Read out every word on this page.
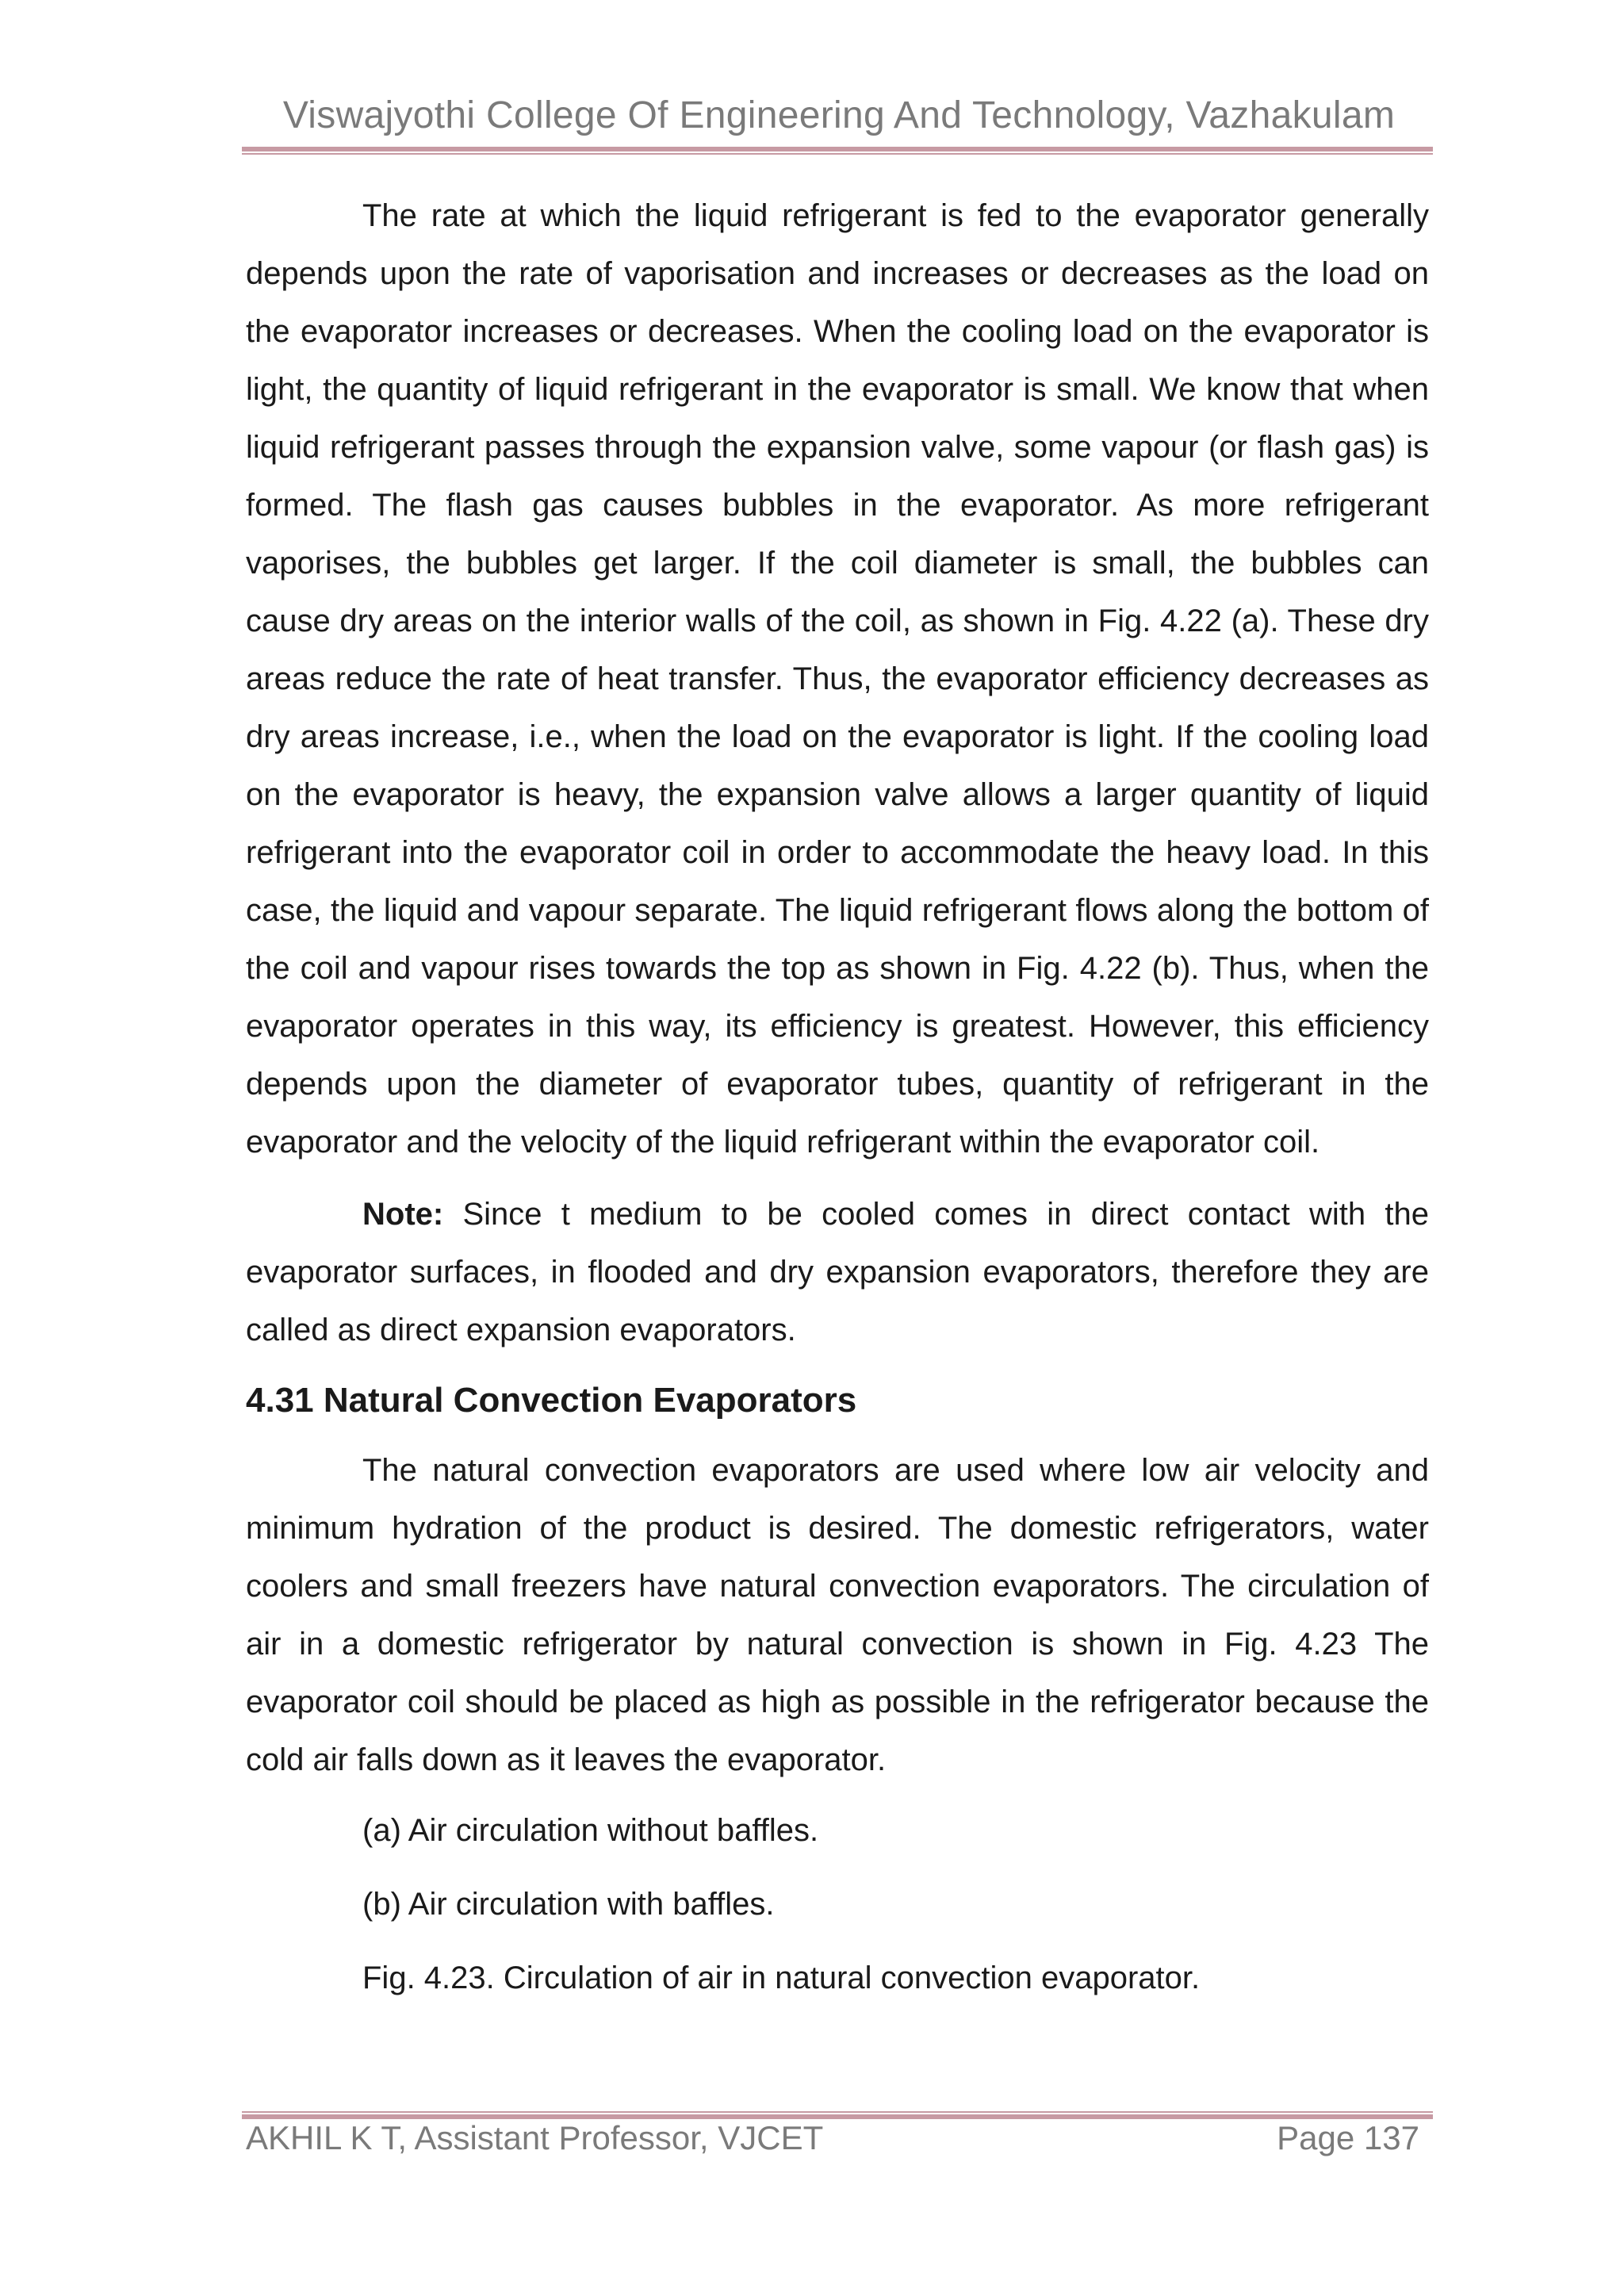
Viswajyothi College Of Engineering And Technology, Vazhakulam

The rate at which the liquid refrigerant is fed to the evaporator generally depends upon the rate of vaporisation and increases or decreases as the load on the evaporator increases or decreases. When the cooling load on the evaporator is light, the quantity of liquid refrigerant in the evaporator is small. We know that when liquid refrigerant passes through the expansion valve, some vapour (or flash gas) is formed. The flash gas causes bubbles in the evaporator. As more refrigerant vaporises, the bubbles get larger. If the coil diameter is small, the bubbles can cause dry areas on the interior walls of the coil, as shown in Fig. 4.22 (a). These dry areas reduce the rate of heat transfer. Thus, the evaporator efficiency decreases as dry areas increase, i.e., when the load on the evaporator is light. If the cooling load on the evaporator is heavy, the expansion valve allows a larger quantity of liquid refrigerant into the evaporator coil in order to accommodate the heavy load. In this case, the liquid and vapour separate. The liquid refrigerant flows along the bottom of the coil and vapour rises towards the top as shown in Fig. 4.22 (b). Thus, when the evaporator operates in this way, its efficiency is greatest. However, this efficiency depends upon the diameter of evaporator tubes, quantity of refrigerant in the evaporator and the velocity of the liquid refrigerant within the evaporator coil.

Note: Since t medium to be cooled comes in direct contact with the evaporator surfaces, in flooded and dry expansion evaporators, therefore they are called as direct expansion evaporators.

4.31 Natural Convection Evaporators

The natural convection evaporators are used where low air velocity and minimum hydration of the product is desired. The domestic refrigerators, water coolers and small freezers have natural convection evaporators. The circulation of air in a domestic refrigerator by natural convection is shown in Fig. 4.23 The evaporator coil should be placed as high as possible in the refrigerator because the cold air falls down as it leaves the evaporator.

(a) Air circulation without baffles.

(b) Air circulation with baffles.

Fig. 4.23. Circulation of air in natural convection evaporator.

AKHIL K T, Assistant Professor, VJCET	Page 137
